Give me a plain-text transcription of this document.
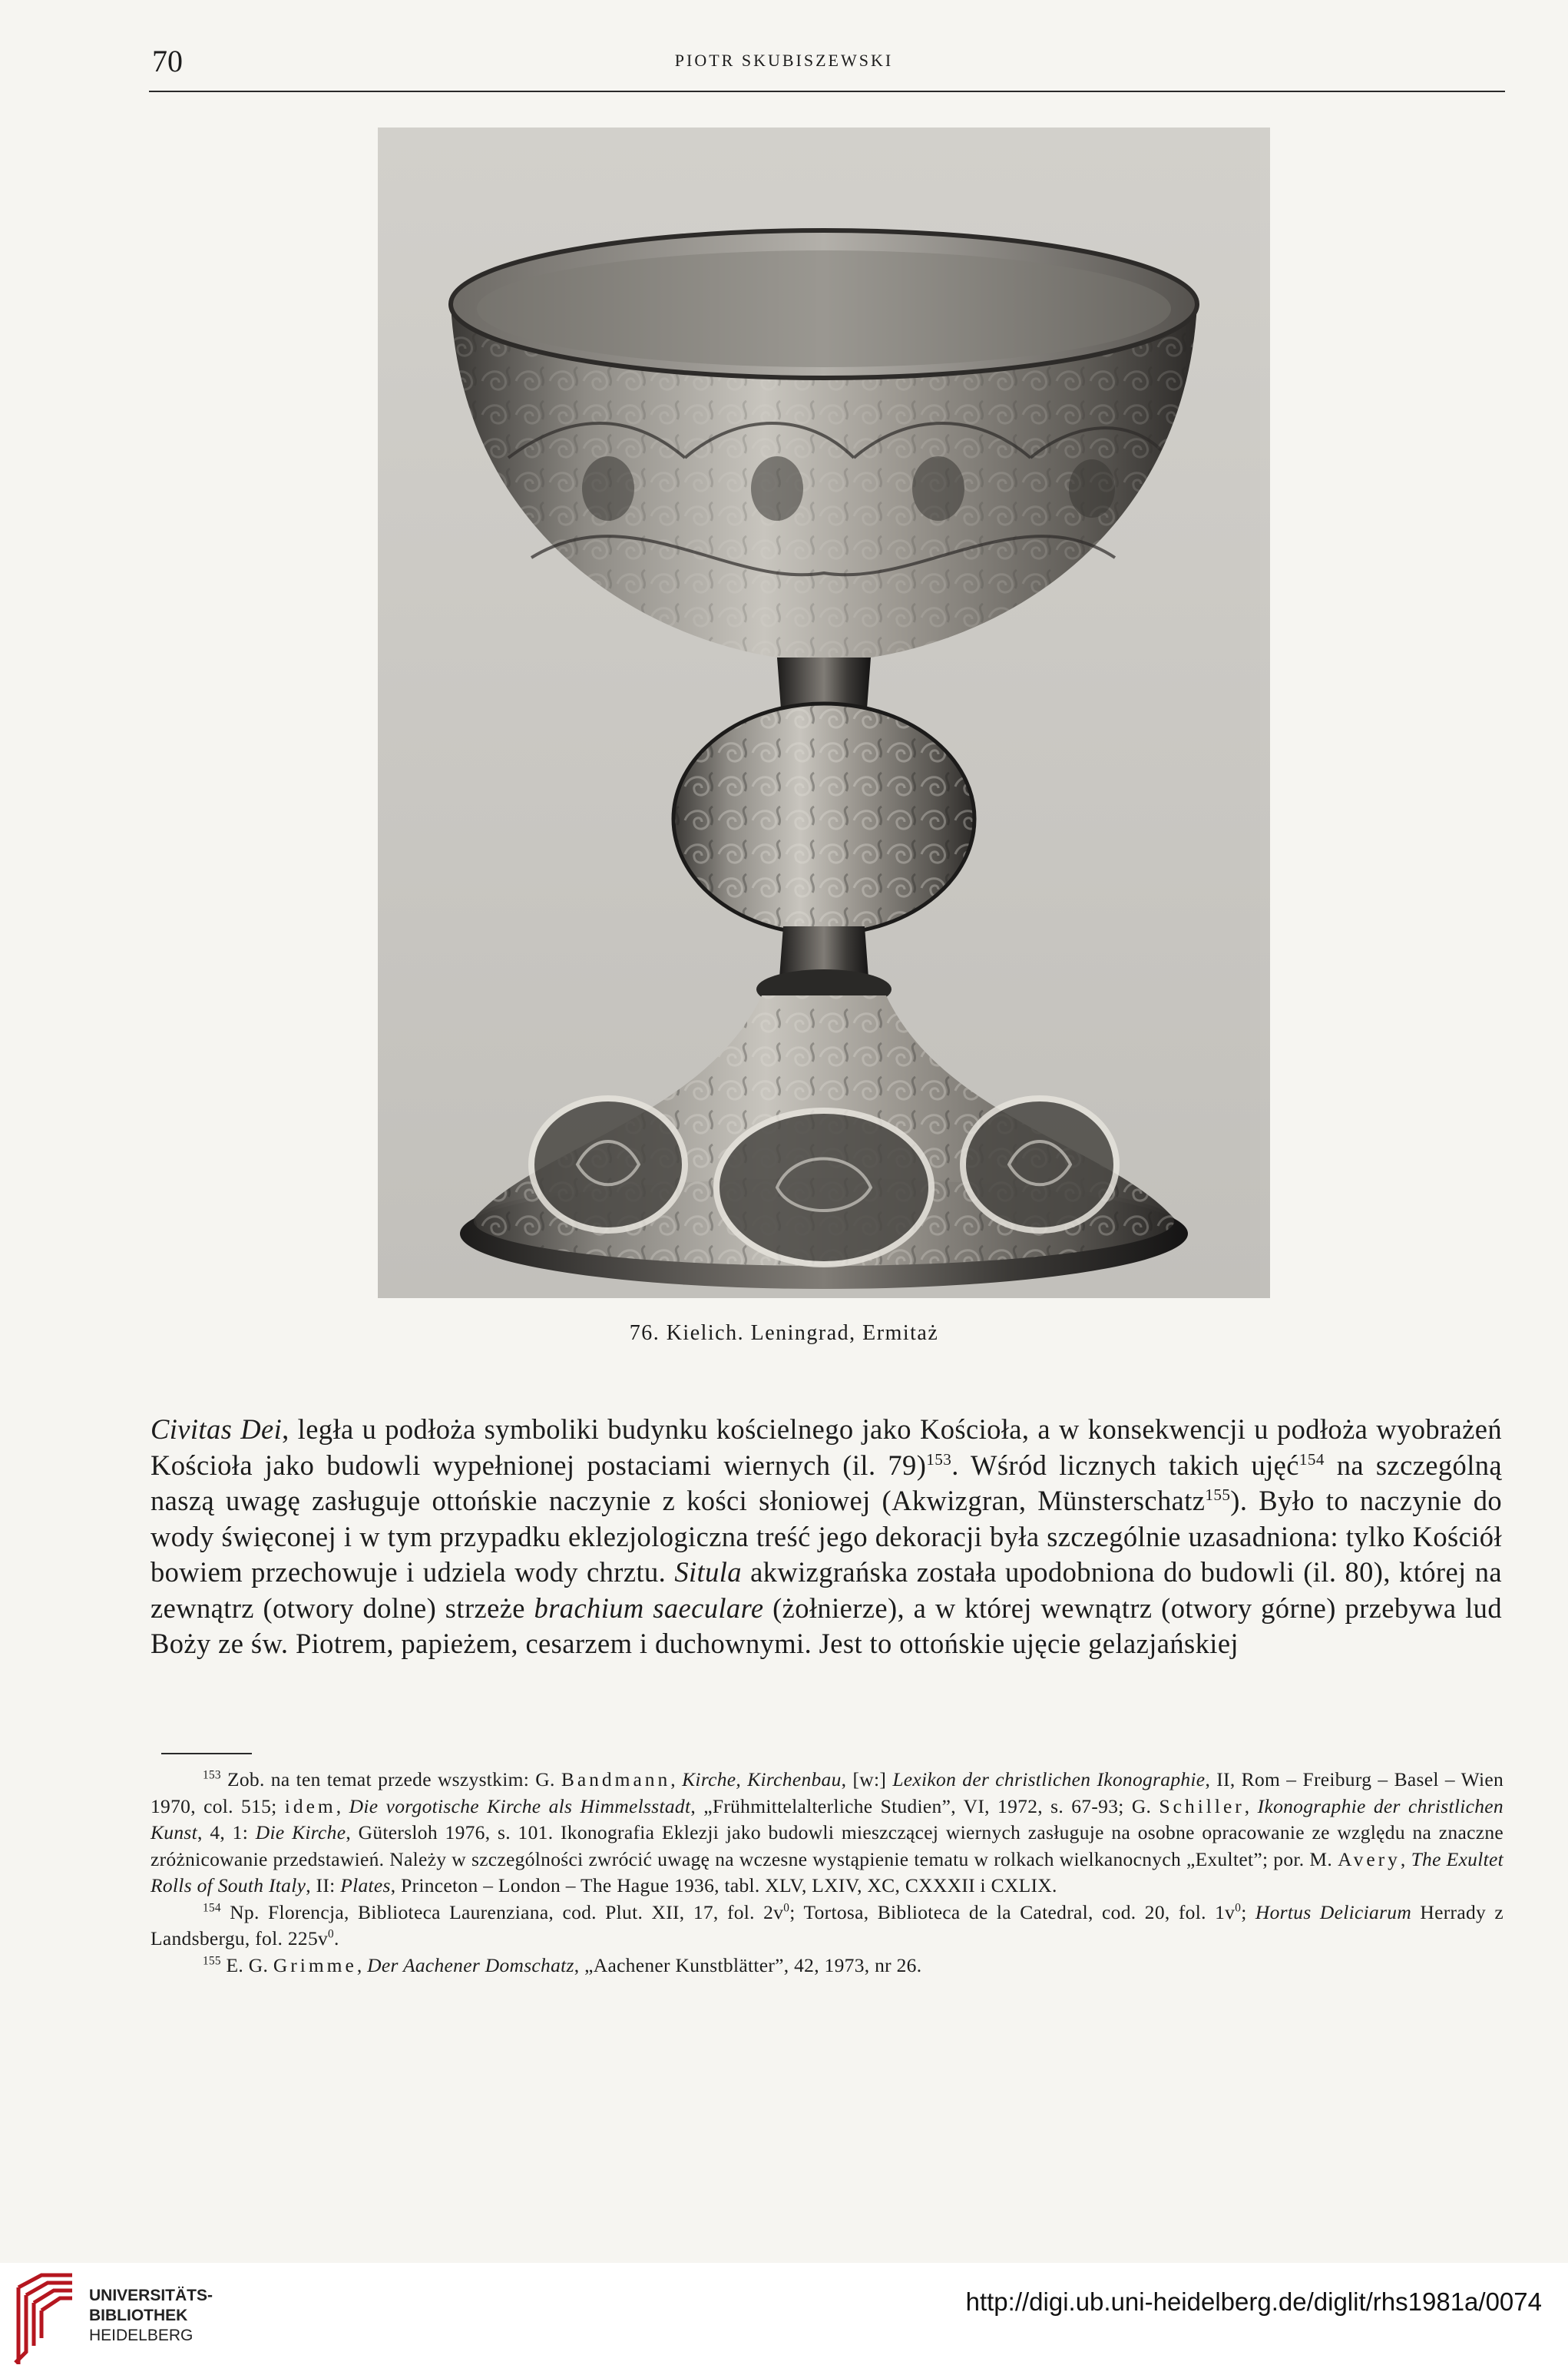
70	PIOTR SKUBISZEWSKI
76. Kielich. Leningrad, Ermitaż

Civitas Dei, legła u podłoża symboliki budynku kościelnego jako Kościoła, a w konsekwencji u podłoża wyobrażeń Kościoła jako budowli wypełnionej postaciami wiernych (il. 79)$^{153}$. Wśród licznych takich ujęć$^{154}$ na szczególną naszą uwagę zasługuje ottońskie naczynie z kości słoniowej (Akwizgran, Münsterschatz$^{155}$). Było to naczynie do wody święconej i w tym przypadku eklezjologiczna treść jego dekoracji była szczególnie uzasadniona: tylko Kościół bowiem przechowuje i udziela wody chrztu. Situla akwizgrańska została upodobniona do budowli (il. 80), której na zewnątrz (otwory dolne) strzeże brachium saeculare (żołnierze), a w której wewnątrz (otwory górne) przebywa lud Boży ze św. Piotrem, papieżem, cesarzem i duchownymi. Jest to ottońskie ujęcie gelazjańskiej

$^{153}$ Zob. na ten temat przede wszystkim: G. Bandmann, Kirche, Kirchenbau, [w:] Lexikon der christlichen Ikonographie, II, Rom – Freiburg – Basel – Wien 1970, col. 515; idem, Die vorgotische Kirche als Himmelsstadt, „Frühmittelalterliche Studien”, VI, 1972, s. 67-93; G. Schiller, Ikonographie der christlichen Kunst, 4, 1: Die Kirche, Gütersloh 1976, s. 101. Ikonografia Eklezji jako budowli mieszczącej wiernych zasługuje na osobne opracowanie ze względu na znaczne zróżnicowanie przedstawień. Należy w szczególności zwrócić uwagę na wczesne wystąpienie tematu w rolkach wielkanocnych „Exultet”; por. M. Avery, The Exultet Rolls of South Italy, II: Plates, Princeton – London – The Hague 1936, tabl. XLV, LXIV, XC, CXXXII i CXLIX.

$^{154}$ Np. Florencja, Biblioteca Laurenziana, cod. Plut. XII, 17, fol. $2v^0$; Tortosa, Biblioteca de la Catedral, cod. 20, fol. $1v^0$; Hortus Deliciarum Herrady z Landsbergu, fol. $225v^0$.

$^{155}$ E. G. Grimme, Der Aachener Domschatz, „Aachener Kunstblätter”, 42, 1973, nr 26.

UNIVERSITÄTS-
BIBLIOTHEK
HEIDELBERG
http://digi.ub.uni-heidelberg.de/diglit/rhs1981a/0074
